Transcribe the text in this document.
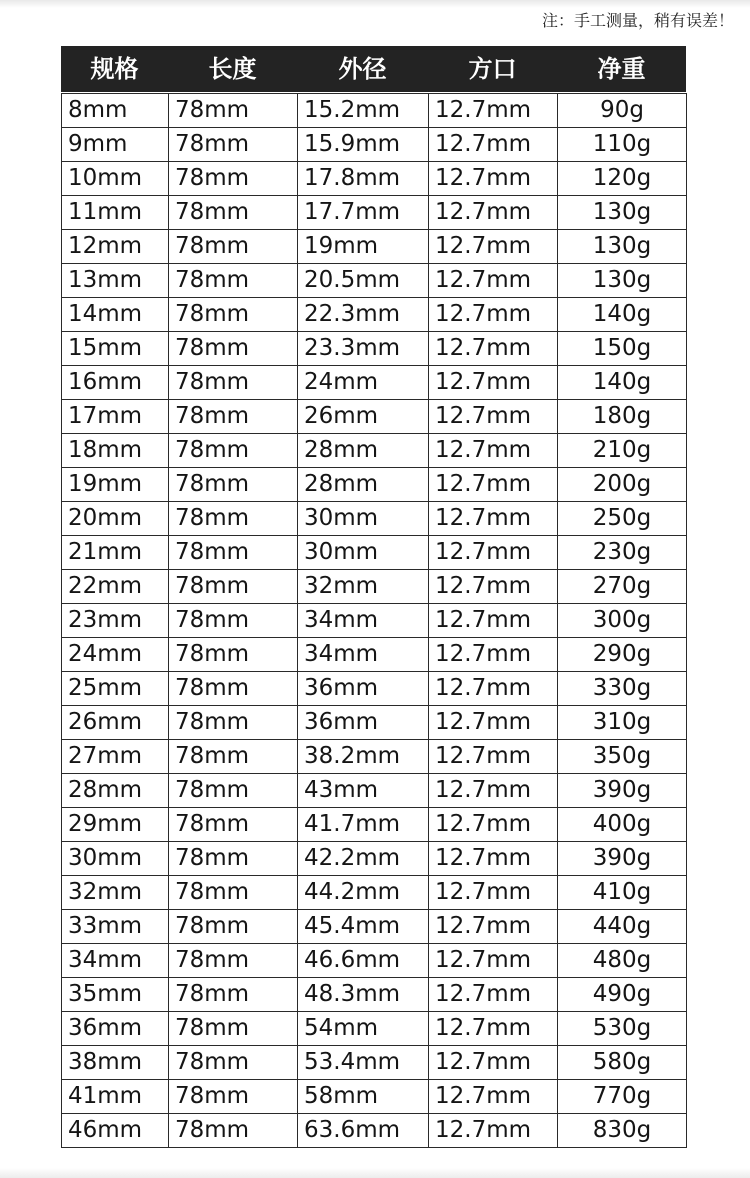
注：手工测量，稍有误差！
规格	长度	外径	方口	净重
8mm	78mm	15.2mm	12.7mm	90g
9mm	78mm	15.9mm	12.7mm	110g
10mm	78mm	17.8mm	12.7mm	120g
11mm	78mm	17.7mm	12.7mm	130g
12mm	78mm	19mm	12.7mm	130g
13mm	78mm	20.5mm	12.7mm	130g
14mm	78mm	22.3mm	12.7mm	140g
15mm	78mm	23.3mm	12.7mm	150g
16mm	78mm	24mm	12.7mm	140g
17mm	78mm	26mm	12.7mm	180g
18mm	78mm	28mm	12.7mm	210g
19mm	78mm	28mm	12.7mm	200g
20mm	78mm	30mm	12.7mm	250g
21mm	78mm	30mm	12.7mm	230g
22mm	78mm	32mm	12.7mm	270g
23mm	78mm	34mm	12.7mm	300g
24mm	78mm	34mm	12.7mm	290g
25mm	78mm	36mm	12.7mm	330g
26mm	78mm	36mm	12.7mm	310g
27mm	78mm	38.2mm	12.7mm	350g
28mm	78mm	43mm	12.7mm	390g
29mm	78mm	41.7mm	12.7mm	400g
30mm	78mm	42.2mm	12.7mm	390g
32mm	78mm	44.2mm	12.7mm	410g
33mm	78mm	45.4mm	12.7mm	440g
34mm	78mm	46.6mm	12.7mm	480g
35mm	78mm	48.3mm	12.7mm	490g
36mm	78mm	54mm	12.7mm	530g
38mm	78mm	53.4mm	12.7mm	580g
41mm	78mm	58mm	12.7mm	770g
46mm	78mm	63.6mm	12.7mm	830g
